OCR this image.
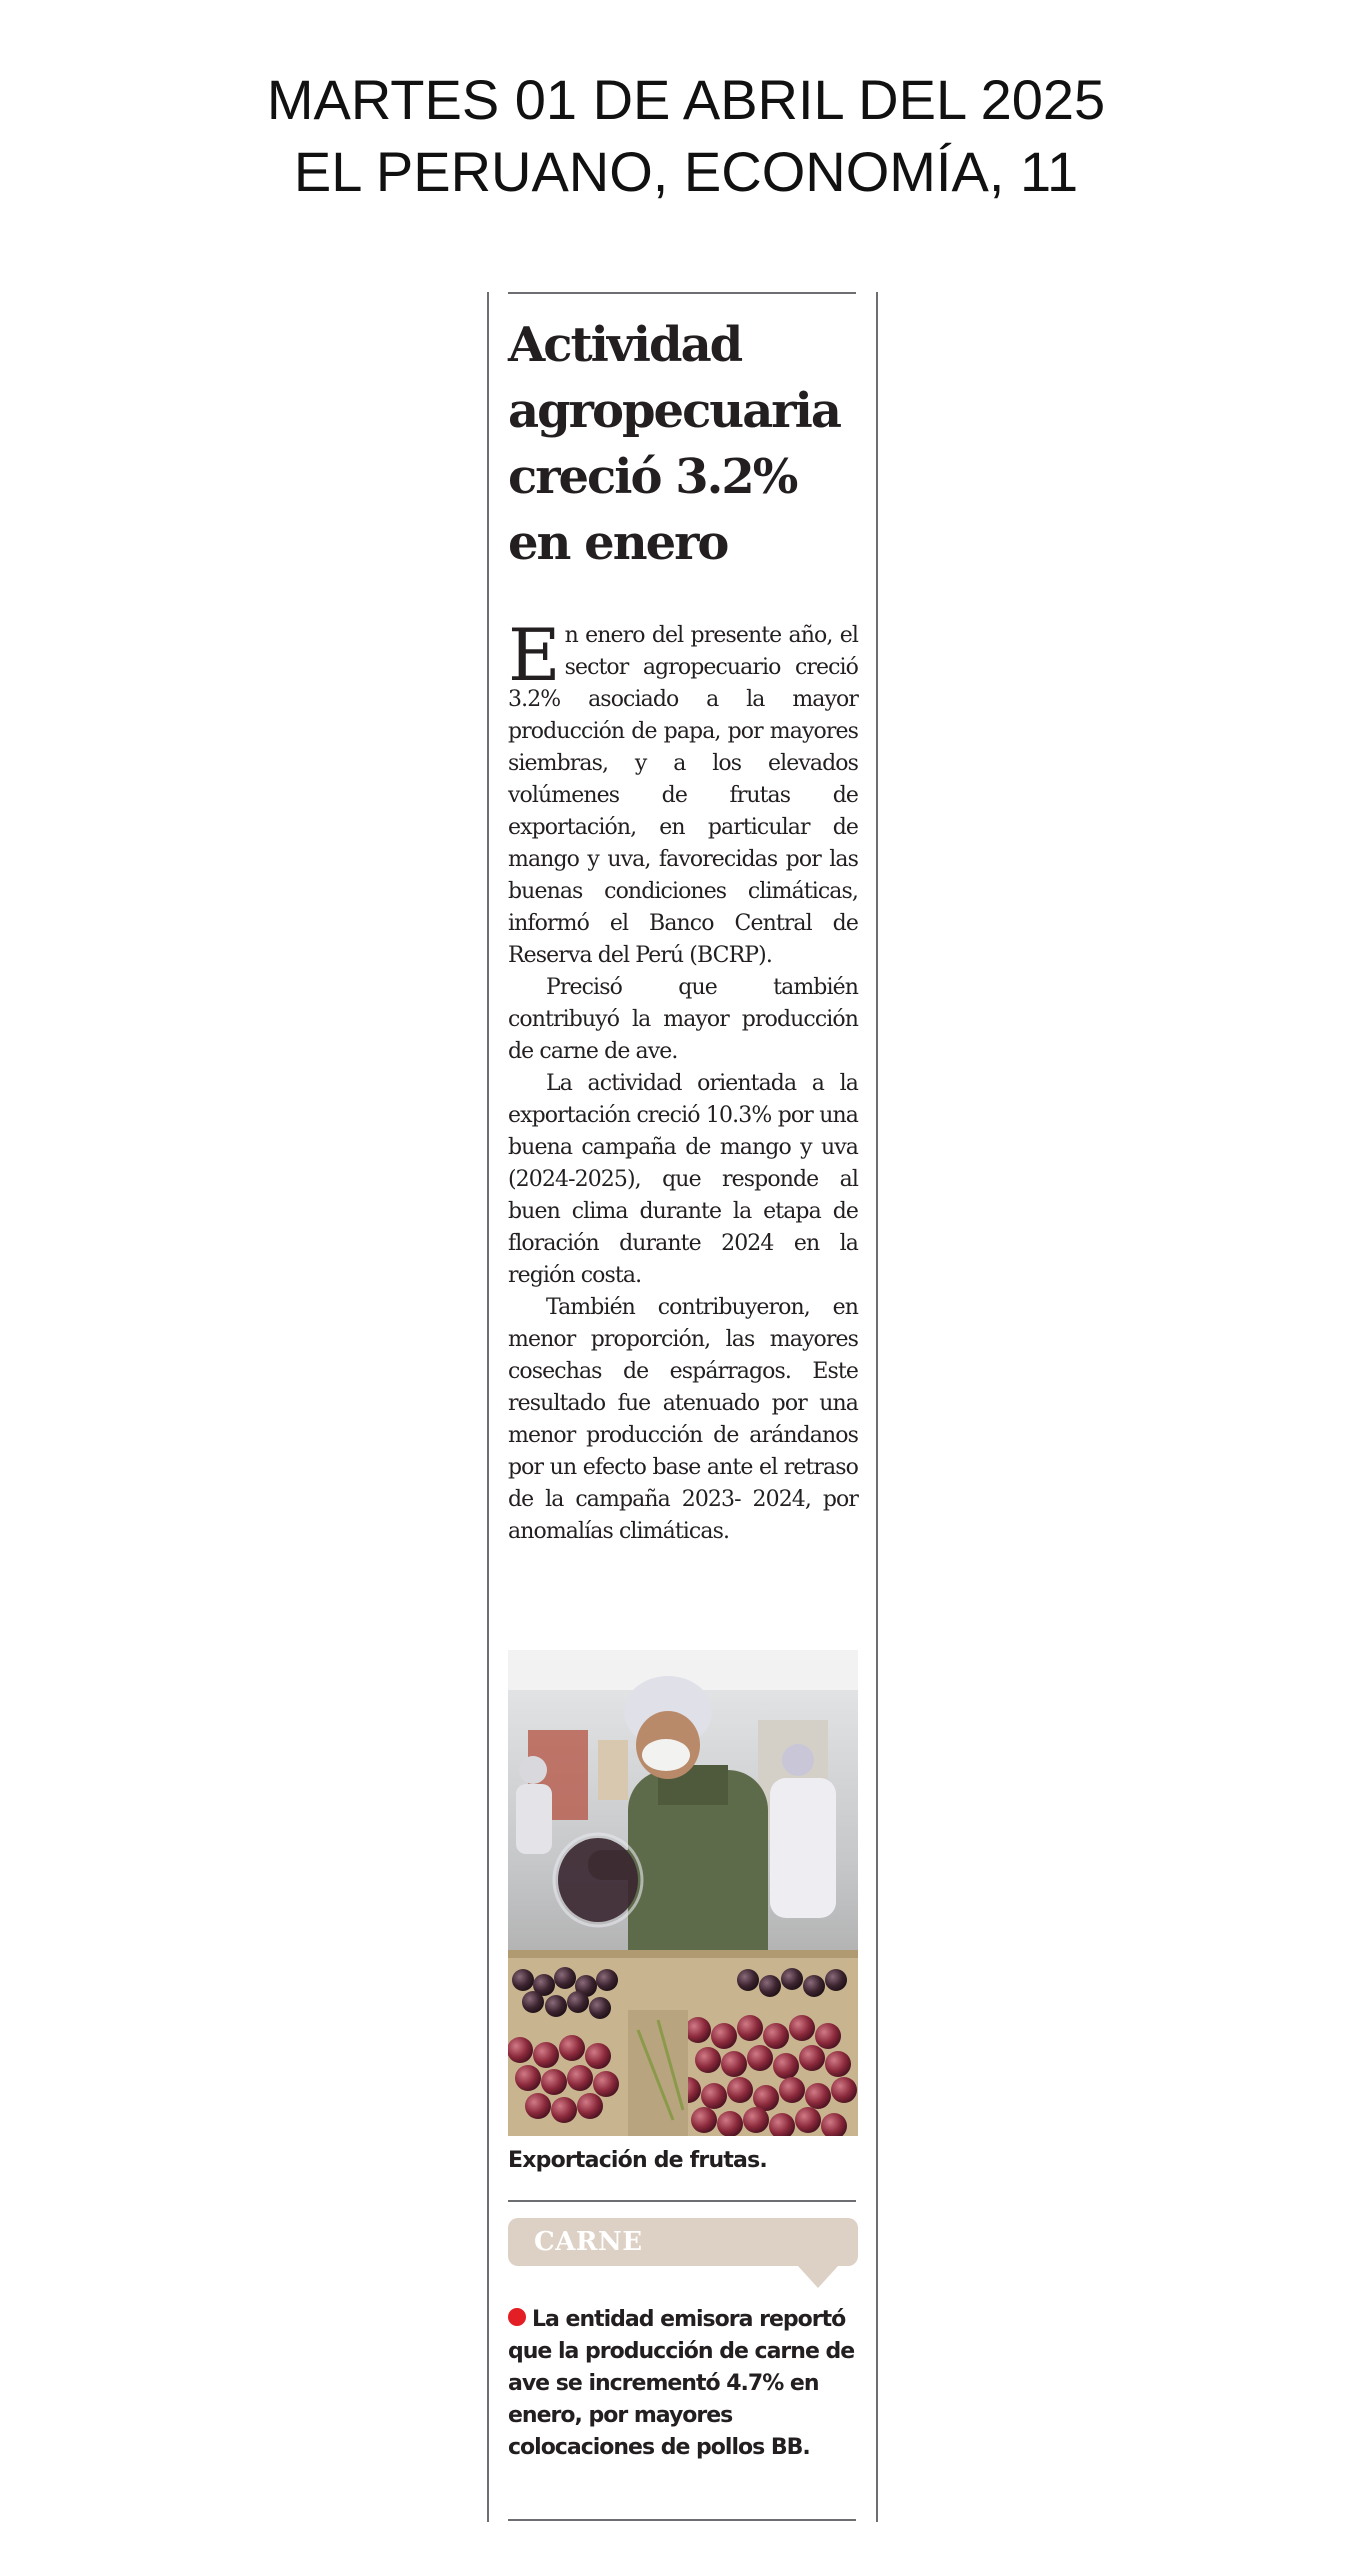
MARTES 01 DE ABRIL DEL 2025
EL PERUANO, ECONOMÍA, 11
Actividad
agropecuaria
creció 3.2%
en enero

En enero del presente año, el sector agropecuario creció 3.2% asociado a la mayor producción de papa, por mayores siembras, y a los elevados volúmenes de frutas de exportación, en particular de mango y uva, favorecidas por las buenas condiciones climáticas, informó el Banco Central de Reserva del Perú (BCRP).

Precisó que también contribuyó la mayor producción de carne de ave.

La actividad orientada a la exportación creció 10.3% por una buena campaña de mango y uva (2024-2025), que responde al buen clima durante la etapa de floración durante 2024 en la región costa.

También contribuyeron, en menor proporción, las mayores cosechas de espárragos. Este resultado fue atenuado por una menor producción de arándanos por un efecto base ante el retraso de la campaña 2023- 2024, por anomalías climáticas.

Exportación de frutas.
CARNE
La entidad emisora reportó que la producción de carne de ave se incrementó 4.7% en enero, por mayores colocaciones de pollos BB.
